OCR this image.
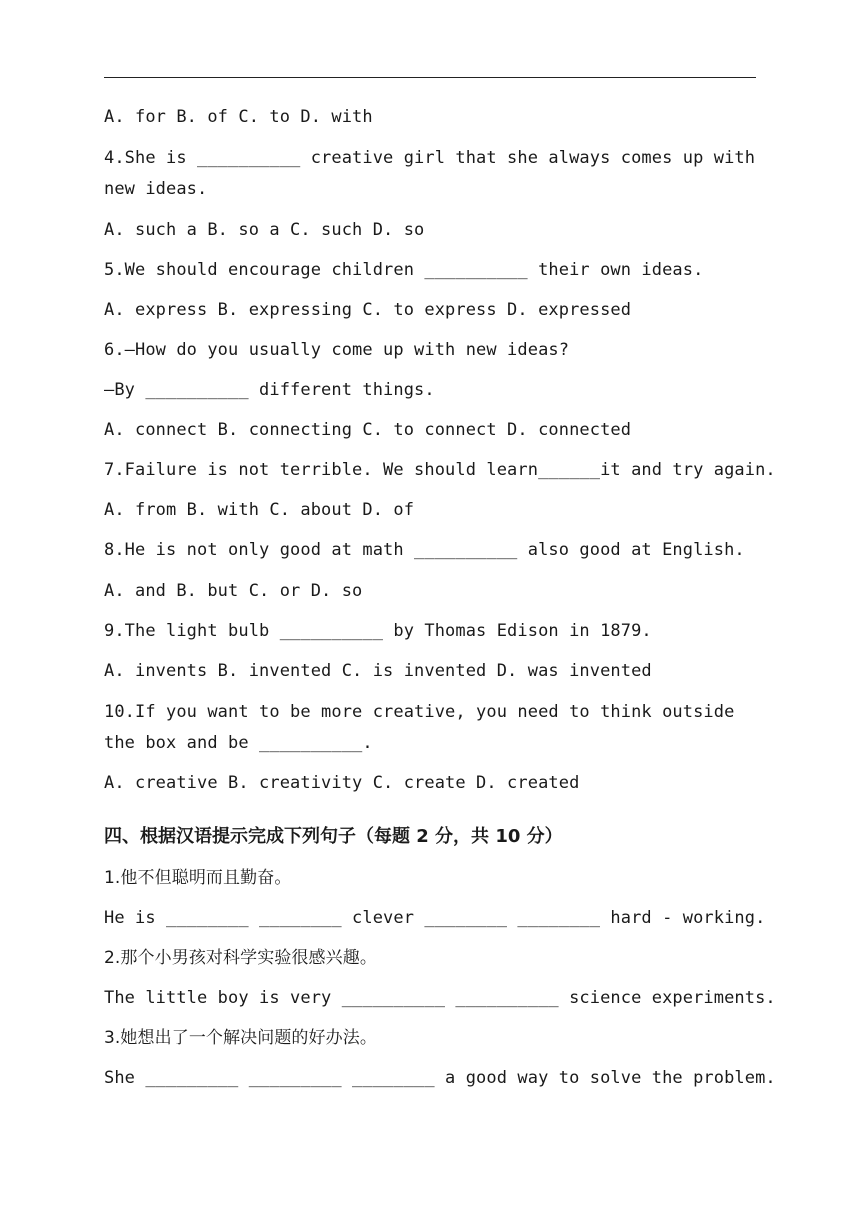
A. for B. of C. to D. with
4.She is __________ creative girl that she always comes up with
new ideas.
A. such a B. so a C. such D. so
5.We should encourage children __________ their own ideas.
A. express B. expressing C. to express D. expressed
6.—How do you usually come up with new ideas?
—By __________ different things.
A. connect B. connecting C. to connect D. connected
7.Failure is not terrible. We should learn______it and try again.
A. from B. with C. about D. of
8.He is not only good at math __________ also good at English.
A. and B. but C. or D. so
9.The light bulb __________ by Thomas Edison in 1879.
A. invents B. invented C. is invented D. was invented
10.If you want to be more creative, you need to think outside
the box and be __________.
A. creative B. creativity C. create D. created
四、根据汉语提示完成下列句子（每题 2 分，共 10 分）
1.他不但聪明而且勤奋。
He is ________ ________ clever ________ ________ hard - working.
2.那个小男孩对科学实验很感兴趣。
The little boy is very __________ __________ science experiments.
3.她想出了一个解决问题的好办法。
She _________ _________ ________ a good way to solve the problem.
